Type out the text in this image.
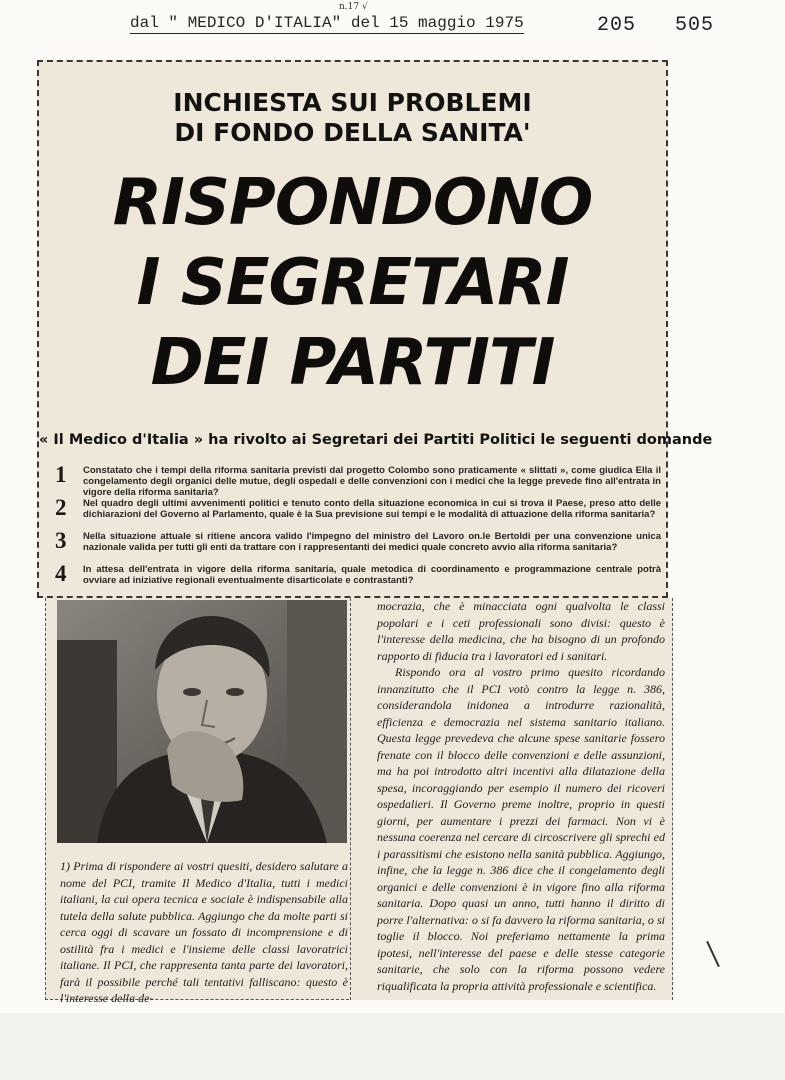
n.17 √
dal " MEDICO D'ITALIA" del 15 maggio 1975	205 505
INCHIESTA SUI PROBLEMI
DI FONDO DELLA SANITA'
RISPONDONO
I SEGRETARI
DEI PARTITI
« Il Medico d'Italia » ha rivolto ai Segretari dei Partiti Politici le seguenti domande
1 Constatato che i tempi della riforma sanitaria previsti dal progetto Colombo sono praticamente « slittati », come giudica Ella il congelamento degli organici delle mutue, degli ospedali e delle convenzioni con i medici che la legge prevede fino all'entrata in vigore della riforma sanitaria?
2 Nel quadro degli ultimi avvenimenti politici e tenuto conto della situazione economica in cui si trova il Paese, preso atto delle dichiarazioni del Governo al Parlamento, quale è la Sua previsione sui tempi e le modalità di attuazione della riforma sanitaria?
3 Nella situazione attuale si ritiene ancora valido l'impegno del ministro del Lavoro on.le Bertoldi per una convenzione unica nazionale valida per tutti gli enti da trattare con i rappresentanti dei medici quale concreto avvio alla riforma sanitaria?
4 In attesa dell'entrata in vigore della riforma sanitaria, quale metodica di coordinamento e programmazione centrale potrà ovviare ad iniziative regionali eventualmente disarticolate e contrastanti?
1) Prima di rispondere ai vostri quesiti, desidero salutare a nome del PCI, tramite Il Medico d'Italia, tutti i medici italiani, la cui opera tecnica e sociale è indispensabile alla tutela della salute pubblica. Aggiungo che da molte parti si cerca oggi di scavare un fossato di incomprensione e di ostilità fra i medici e l'insieme delle classi lavoratrici italiane. Il PCI, che rappresenta tanta parte dei lavoratori, farà il possibile perché tali tentativi falliscano: questo è l'interesse della de-

mocrazia, che è minacciata ogni qualvolta le classi popolari e i ceti professionali sono divisi: questo è l'interesse della medicina, che ha bisogno di un profondo rapporto di fiducia tra i lavoratori ed i sanitari.

Rispondo ora al vostro primo quesito ricordando innanzitutto che il PCI votò contro la legge n. 386, considerandola inidonea a introdurre razionalità, efficienza e democrazia nel sistema sanitario italiano. Questa legge prevedeva che alcune spese sanitarie fossero frenate con il blocco delle convenzioni e delle assunzioni, ma ha poi introdotto altri incentivi alla dilatazione della spesa, incoraggiando per esempio il numero dei ricoveri ospedalieri. Il Governo preme inoltre, proprio in questi giorni, per aumentare i prezzi dei farmaci. Non vi è nessuna coerenza nel cercare di circoscrivere gli sprechi ed i parassitismi che esistono nella sanità pubblica. Aggiungo, infine, che la legge n. 386 dice che il congelamento degli organici e delle convenzioni è in vigore fino alla riforma sanitaria. Dopo quasi un anno, tutti hanno il diritto di porre l'alternativa: o si fa davvero la riforma sanitaria, o si toglie il blocco. Noi preferiamo nettamente la prima ipotesi, nell'interesse del paese e delle stesse categorie sanitarie, che solo con la riforma possono vedere riqualificata la propria attività professionale e scientifica.
